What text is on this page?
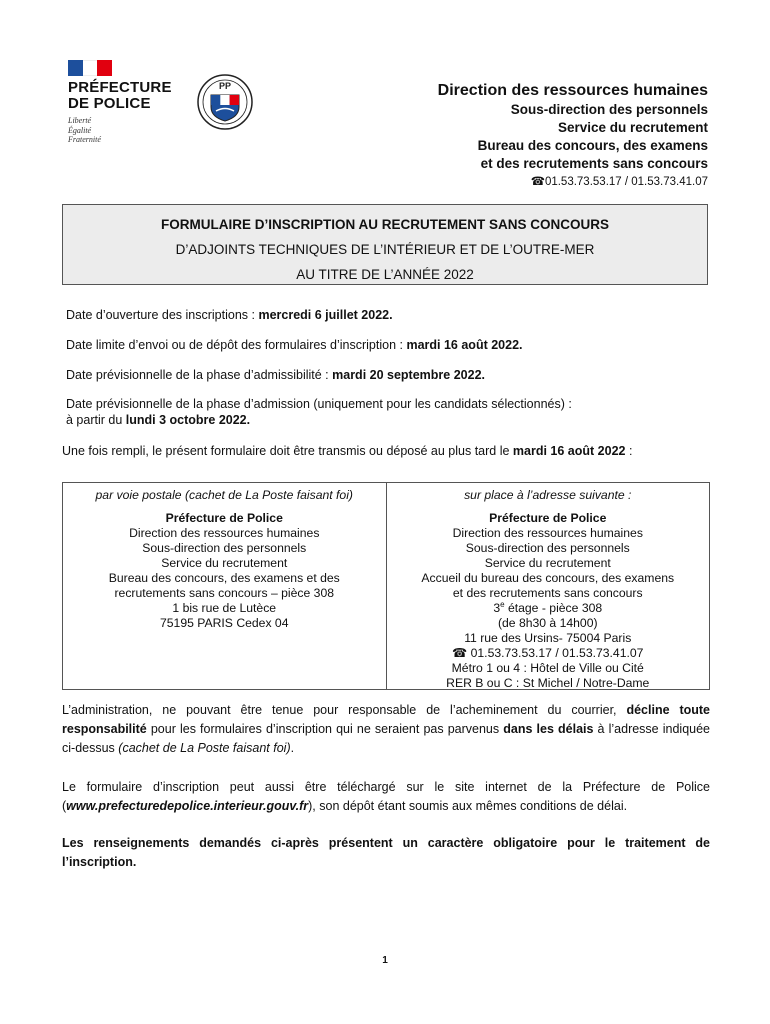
PRÉFECTURE
DE POLICE
Liberté
Égalité
Fraternité
PP	Direction des ressources humaines
Sous-direction des personnels
Service du recrutement
Bureau des concours, des examens
et des recrutements sans concours
☎01.53.73.53.17 / 01.53.73.41.07
FORMULAIRE D’INSCRIPTION AU RECRUTEMENT SANS CONCOURS
D’ADJOINTS TECHNIQUES DE L’INTÉRIEUR ET DE L’OUTRE-MER
AU TITRE DE L’ANNÉE 2022
Date d’ouverture des inscriptions : mercredi 6 juillet 2022.
Date limite d’envoi ou de dépôt des formulaires d’inscription : mardi 16 août 2022.
Date prévisionnelle de la phase d’admissibilité : mardi 20 septembre 2022.
Date prévisionnelle de la phase d’admission (uniquement pour les candidats sélectionnés) :
à partir du lundi 3 octobre 2022.
Une fois rempli, le présent formulaire doit être transmis ou déposé au plus tard le mardi 16 août 2022 :
par voie postale (cachet de La Poste faisant foi)
Préfecture de Police
Direction des ressources humaines
Sous-direction des personnels
Service du recrutement
Bureau des concours, des examens et des
recrutements sans concours – pièce 308
1 bis rue de Lutèce
75195 PARIS Cedex 04
sur place à l’adresse suivante :
Préfecture de Police
Direction des ressources humaines
Sous-direction des personnels
Service du recrutement
Accueil du bureau des concours, des examens
et des recrutements sans concours
3e étage - pièce 308
(de 8h30 à 14h00)
11 rue des Ursins- 75004 Paris
☎ 01.53.73.53.17 / 01.53.73.41.07
Métro 1 ou 4 : Hôtel de Ville ou Cité
RER B ou C : St Michel / Notre-Dame
L’administration, ne pouvant être tenue pour responsable de l’acheminement du courrier, décline toute responsabilité pour les formulaires d’inscription qui ne seraient pas parvenus dans les délais à l’adresse indiquée ci-dessus (cachet de La Poste faisant foi).
Le formulaire d’inscription peut aussi être téléchargé sur le site internet de la Préfecture de Police (www.prefecturedepolice.interieur.gouv.fr), son dépôt étant soumis aux mêmes conditions de délai.
Les renseignements demandés ci-après présentent un caractère obligatoire pour le traitement de l’inscription.
1
